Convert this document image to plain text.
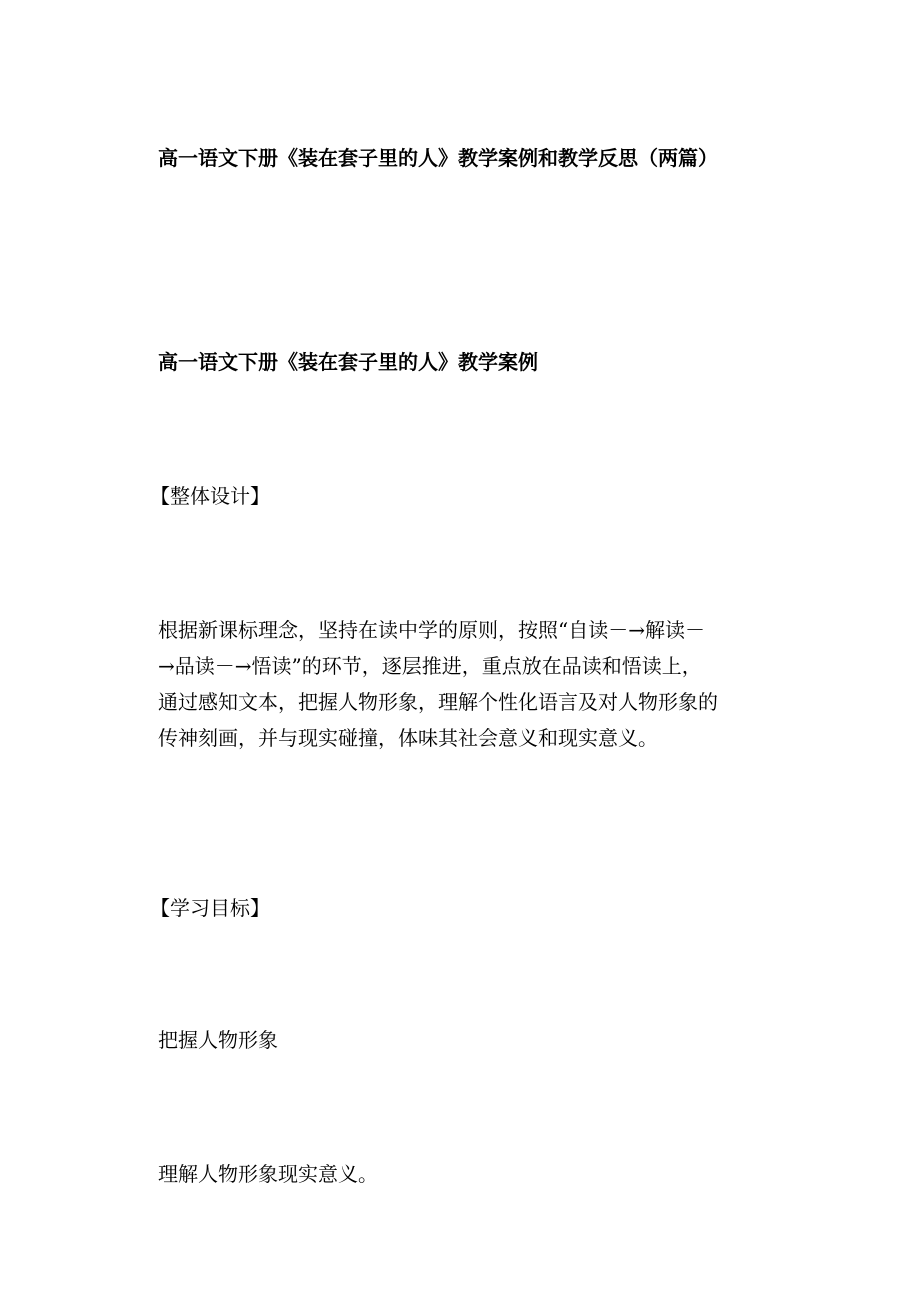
高一语文下册《装在套子里的人》教学案例和教学反思（两篇）
高一语文下册《装在套子里的人》教学案例
【整体设计】
根据新课标理念，坚持在读中学的原则，按照“自读－→解读－
→品读－→悟读”的环节，逐层推进，重点放在品读和悟读上，
通过感知文本，把握人物形象，理解个性化语言及对人物形象的
传神刻画，并与现实碰撞，体味其社会意义和现实意义。
【学习目标】
把握人物形象
理解人物形象现实意义。
